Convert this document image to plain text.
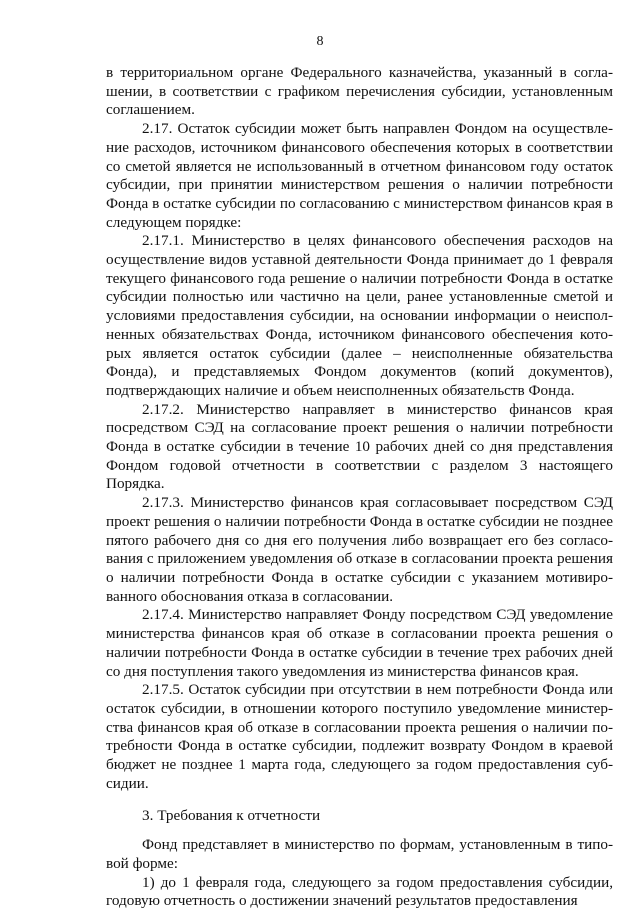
8

в территориальном органе Федерального казначейства, указанный в соглашении, в соответствии с графиком перечисления субсидии, установленным соглашением.

2.17. Остаток субсидии может быть направлен Фондом на осуществление расходов, источником финансового обеспечения которых в соответствии со сметой является не использованный в отчетном финансовом году остаток субсидии, при принятии министерством решения о наличии потребности Фонда в остатке субсидии по согласованию с министерством финансов края в следующем порядке:

2.17.1. Министерство в целях финансового обеспечения расходов на осуществление видов уставной деятельности Фонда принимает до 1 февраля текущего финансового года решение о наличии потребности Фонда в остатке субсидии полностью или частично на цели, ранее установленные сметой и условиями предоставления субсидии, на основании информации о неисполненных обязательствах Фонда, источником финансового обеспечения которых является остаток субсидии (далее – неисполненные обязательства Фонда), и представляемых Фондом документов (копий документов), подтверждающих наличие и объем неисполненных обязательств Фонда.

2.17.2. Министерство направляет в министерство финансов края посредством СЭД на согласование проект решения о наличии потребности Фонда в остатке субсидии в течение 10 рабочих дней со дня представления Фондом годовой отчетности в соответствии с разделом 3 настоящего Порядка.

2.17.3. Министерство финансов края согласовывает посредством СЭД проект решения о наличии потребности Фонда в остатке субсидии не позднее пятого рабочего дня со дня его получения либо возвращает его без согласования с приложением уведомления об отказе в согласовании проекта решения о наличии потребности Фонда в остатке субсидии с указанием мотивированного обоснования отказа в согласовании.

2.17.4. Министерство направляет Фонду посредством СЭД уведомление министерства финансов края об отказе в согласовании проекта решения о наличии потребности Фонда в остатке субсидии в течение трех рабочих дней со дня поступления такого уведомления из министерства финансов края.

2.17.5. Остаток субсидии при отсутствии в нем потребности Фонда или остаток субсидии, в отношении которого поступило уведомление министерства финансов края об отказе в согласовании проекта решения о наличии потребности Фонда в остатке субсидии, подлежит возврату Фондом в краевой бюджет не позднее 1 марта года, следующего за годом предоставления субсидии.

3. Требования к отчетности

Фонд представляет в министерство по формам, установленным в типовой форме:

1) до 1 февраля года, следующего за годом предоставления субсидии, годовую отчетность о достижении значений результатов предоставления
